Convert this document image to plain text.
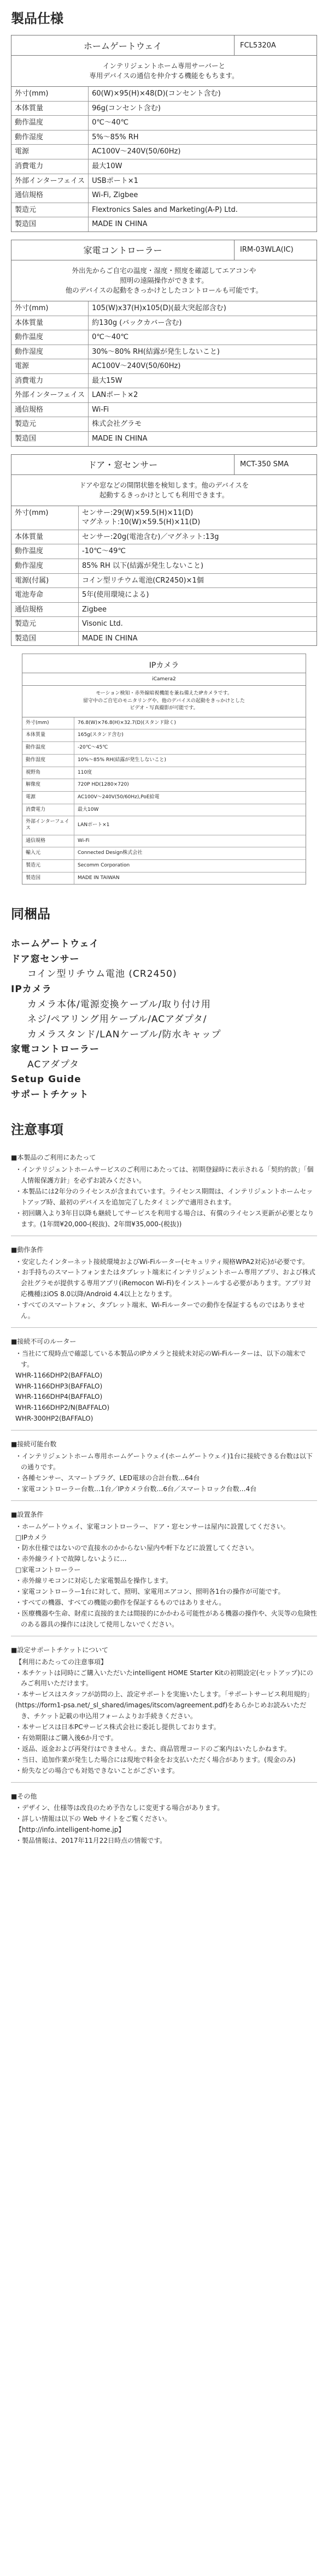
製品仕様
ホームゲートウェイ	FCL5320A
インテリジェントホーム専用サーバーと
専用デバイスの通信を仲介する機能をもちます。
外寸(mm)	60(W)×95(H)×48(D)(コンセント含む)
本体質量	96g(コンセント含む)
動作温度	0℃～40℃
動作湿度	5%～85% RH
電源	AC100V～240V(50/60Hz)
消費電力	最大10W
外部インターフェイス	USBポート×1
通信規格	Wi-Fi, Zigbee
製造元	Flextronics Sales and Marketing(A-P) Ltd.
製造国	MADE IN CHINA
家電コントローラー	IRM-03WLA(IC)
外出先からご自宅の温度・湿度・照度を確認してエアコンや
照明の遠隔操作ができます。
他のデバイスの起動をきっかけとしたコントロールも可能です。
外寸(mm)	105(W)x37(H)x105(D)(最大突起部含む)
本体質量	約130g (バックカバー含む)
動作温度	0℃～40℃
動作湿度	30%～80% RH(結露が発生しないこと)
電源	AC100V～240V(50/60Hz)
消費電力	最大15W
外部インターフェイス	LANポート×2
通信規格	Wi-Fi
製造元	株式会社グラモ
製造国	MADE IN CHINA
ドア・窓センサー	MCT-350 SMA
ドアや窓などの開閉状態を検知します。他のデバイスを
起動するきっかけとしても利用できます。
外寸(mm)	センサー:29(W)×59.5(H)×11(D)
マグネット:10(W)×59.5(H)×11(D)
本体質量	センサー:20g(電池含む)／マグネット:13g
動作温度	-10℃～49℃
動作湿度	85% RH 以下(結露が発生しないこと)
電源(付属)	コイン型リチウム電池(CR2450)×1個
電池寿命	5年(使用環境による)
通信規格	Zigbee
製造元	Visonic Ltd.
製造国	MADE IN CHINA
IPカメラ
iCamera2
モーション検知・赤外線暗視機能を兼ね備えたIPカメラです。
留守中のご自宅のモニタリングや、他のデバイスの起動をきっかけとした
ビデオ・写真撮影が可能です。
外寸(mm)	76.8(W)×76.8(H)×32.7(D)(スタンド除く)
本体質量	165g(スタンド含む)
動作温度	-20℃～45℃
動作湿度	10%～85% RH(結露が発生しないこと)
視野角	110度
解像度	720P HD(1280×720)
電源	AC100V～240V(50/60Hz),PoE給電
消費電力	最大10W
外部インターフェイス	LANポート×1
通信規格	Wi-Fi
輸入元	Connected Design株式会社
製造元	Secomm Corporation
製造国	MADE IN TAIWAN
同梱品
ホームゲートウェイ
ドア窓センサー
コイン型リチウム電池 (CR2450)
IPカメラ
カメラ本体/電源変換ケーブル/取り付け用
ネジ/ペアリング用ケーブル/ACアダプタ/
カメラスタンド/LANケーブル/防水キャップ
家電コントローラー
ACアダプタ
Setup Guide
サポートチケット
注意事項
■本製品のご利用にあたって
・インテリジェントホームサービスのご利用にあたっては、初期登録時に表示される「契約約款」「個人情報保護方針」を必ずお読みください。
・本製品には2年分のライセンスが含まれています。ライセンス期間は、インテリジェントホームセットアップ時、最初のデバイスを追加完了したタイミングで適用されます。
・初回購入より3年目以降も継続してサービスを利用する場合は、有償のライセンス更新が必要となります。(1年間¥20,000-(税抜)、2年間¥35,000-(税抜))
■動作条件
・安定したインターネット接続環境およびWi-Fiルーター(セキュリティ規格WPA2対応)が必要です。
・お手持ちのスマートフォンまたはタブレット端末にインテリジェントホーム専用アプリ、および株式会社グラモが提供する専用アプリ(iRemocon Wi-Fi)をインストールする必要があります。アプリ対応機種はiOS 8.0以降/Android 4.4以上となります。
・すべてのスマートフォン、タブレット端末、Wi-Fiルーターでの動作を保証するものではありません。
■接続不可のルーター
・当社にて現時点で確認している本製品のIPカメラと接続未対応のWi-Fiルーターは、以下の端末です。
WHR-1166DHP2(BAFFALO)
WHR-1166DHP3(BAFFALO)
WHR-1166DHP4(BAFFALO)
WHR-1166DHP2/N(BAFFALO)
WHR-300HP2(BAFFALO)
■接続可能台数
・インテリジェントホーム専用ホームゲートウェイ(ホームゲートウェイ)1台に接続できる台数は以下の通りです。
・各種センサー、スマートプラグ、LED電球の合計台数…64台
・家電コントローラー台数…1台／IPカメラ台数…6台／スマートロック台数…4台
■設置条件
・ホームゲートウェイ、家電コントローラー、ドア・窓センサーは屋内に設置してください。
□IPカメラ
・防水仕様ではないので直接水のかからない屋内や軒下などに設置してください。
・赤外線ライトで故障しないように…
□家電コントローラー
・赤外線リモコンに対応した家電製品を操作します。
・家電コントローラー1台に対して、照明、家電用エアコン、照明各1台の操作が可能です。
・すべての機器、すべての機能の動作を保証するものではありません。
・医療機器や生命、財産に直接的または間接的にかかわる可能性がある機器の操作や、火災等の危険性のある器具の操作には決して使用しないでください。
■設定サポートチケットについて
【利用にあたっての注意事項】
・本チケットは同時にご購入いただいたintelligent HOME Starter Kitの初期設定(セットアップ)にのみご利用いただけます。
・本サービスはスタッフが訪問の上、設定サポートを実施いたします。「サポートサービス利用規約」
(https://form1-psa.net/_sl_shared/images/itscom/agreement.pdf)をあらかじめお読みいただき、チケット記載の申込用フォームよりお手続きください。
・本サービスは日本PCサービス株式会社に委託し提供しております。
・有効期限はご購入後6か月です。
・返品、返金および再発行はできません。また、商品管理コードのご案内はいたしかねます。
・当日、追加作業が発生した場合には現地で料金をお支払いただく場合があります。(現金のみ)
・紛失などの場合でも対処できないことがございます。
■その他
・デザイン、仕様等は改良のため予告なしに変更する場合があります。
・詳しい情報は以下の Web サイトをご覧ください。
【http://info.intelligent-home.jp】
・製品情報は、2017年11月22日時点の情報です。
